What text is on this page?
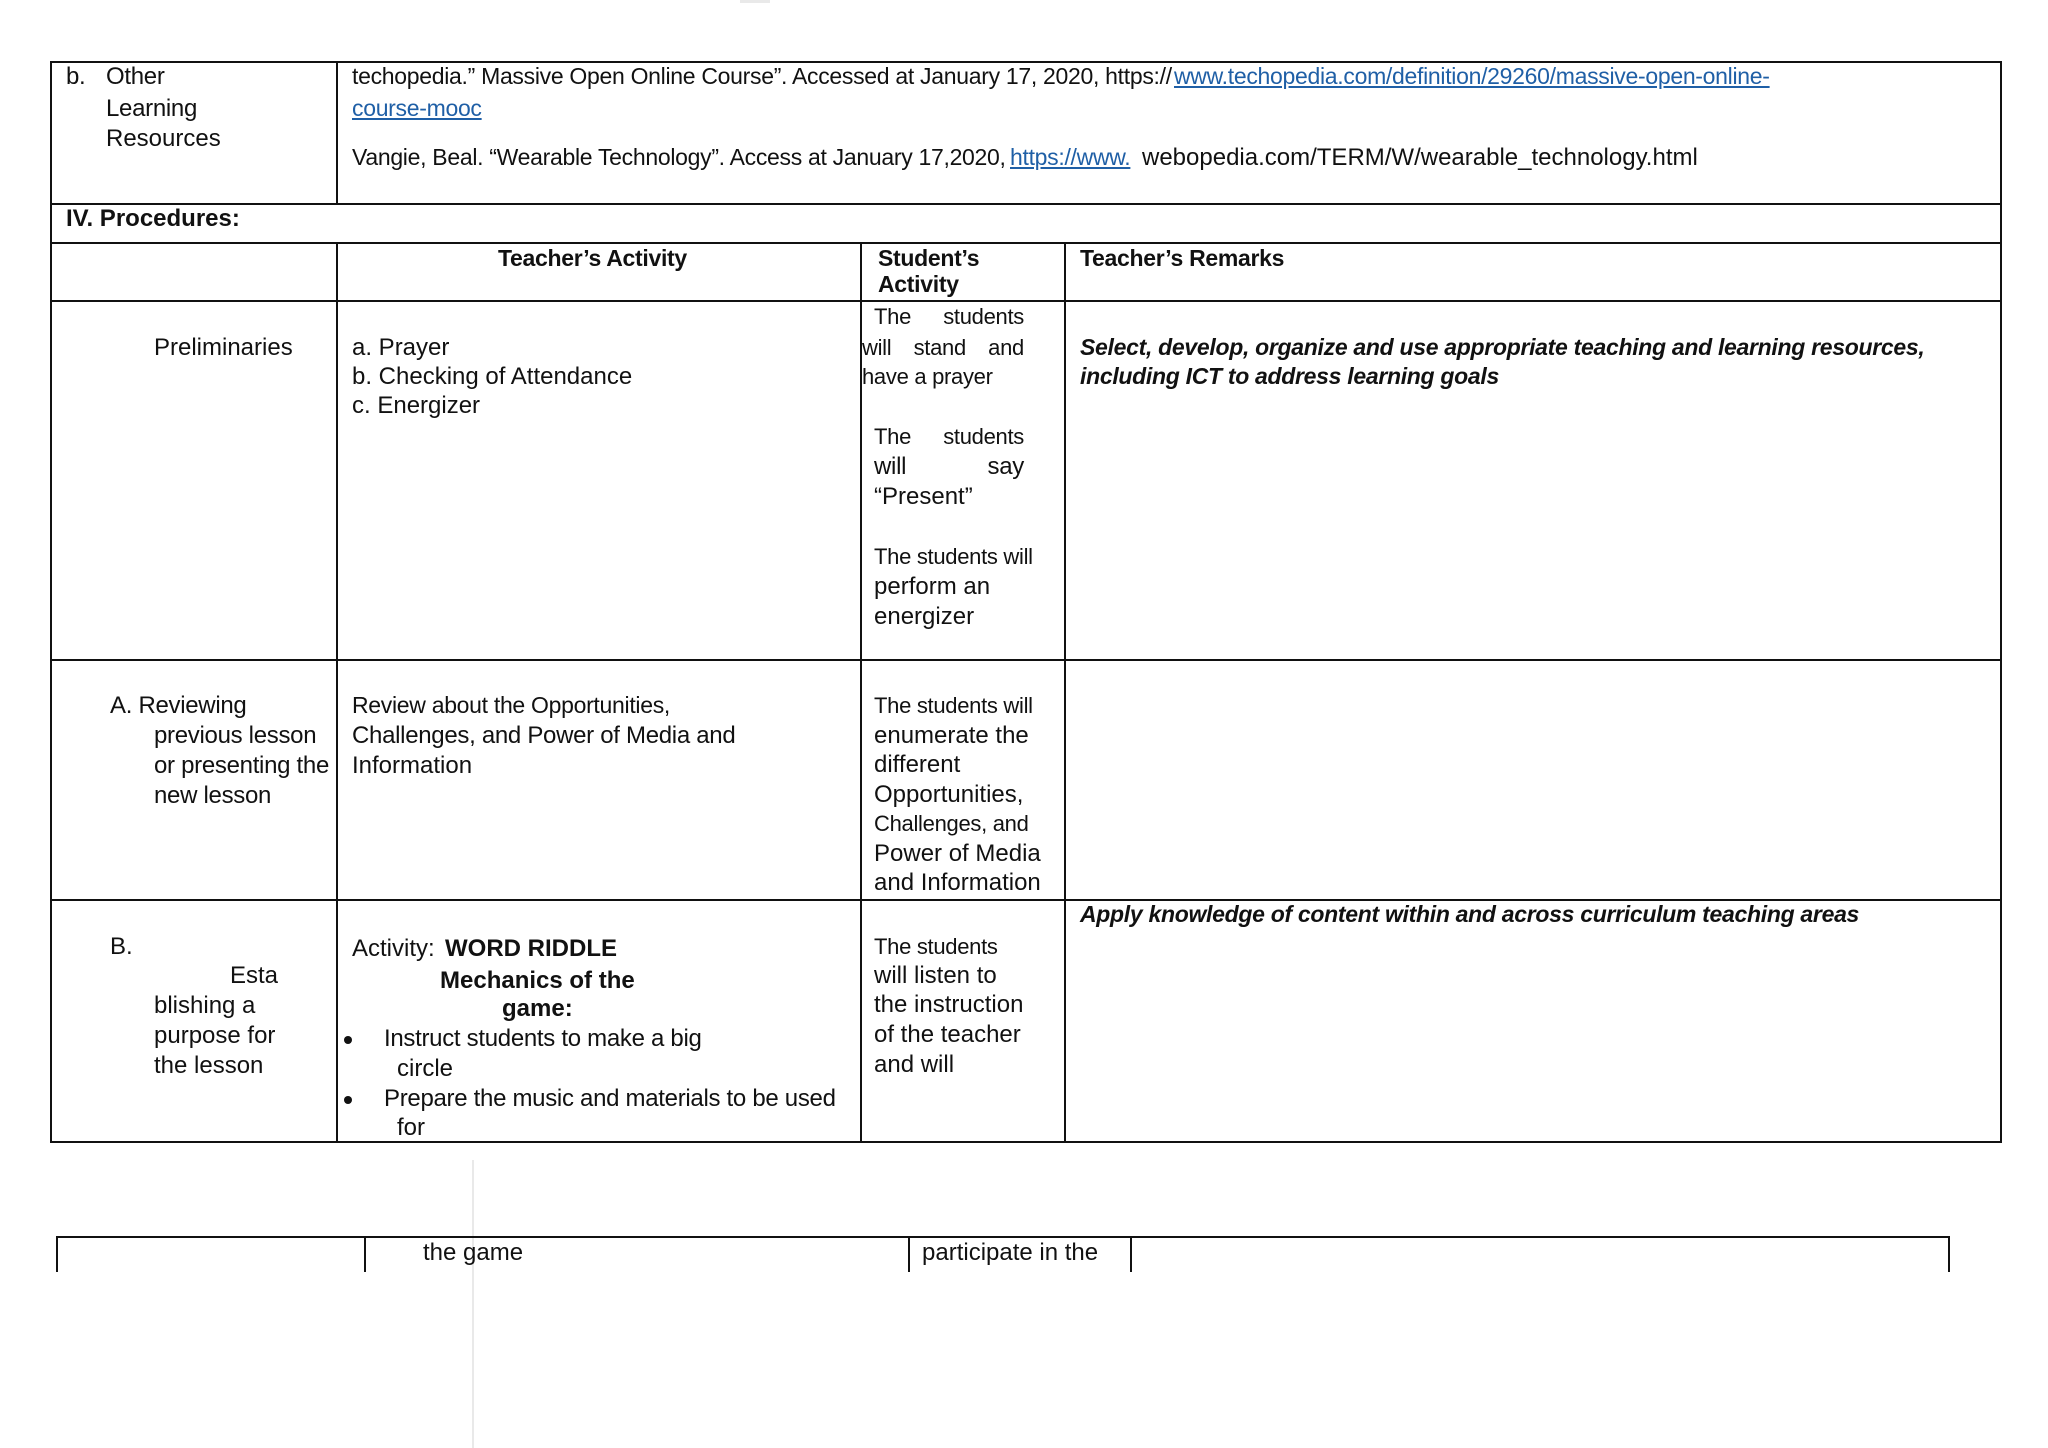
b. Other
Learning
Resources
techopedia.” Massive Open Online Course”. Accessed at January 17, 2020, https:// www.techopedia.com/definition/29260/massive-open-online-
course-mooc
Vangie, Beal. “Wearable Technology”. Access at January 17,2020, https://www. webopedia.com/TERM/W/wearable_technology.html
IV. Procedures:
Teacher’s Activity	Student’s
Activity
Teacher’s Remarks
Preliminaries a. Prayer
b. Checking of Attendance
c. Energizer
The students
will stand and
have a prayer
The students
will say
“Present”
The students will
perform an
energizer
Select, develop, organize and use appropriate teaching and learning resources,
including ICT to address learning goals
A. Reviewing
previous lesson
or presenting the
new lesson
Review about the Opportunities,
Challenges, and Power of Media and
Information
The students will
enumerate the
different
Opportunities,
Challenges, and
Power of Media
and Information
B.
Esta
blishing a
purpose for
the lesson
Activity: WORD RIDDLE
Mechanics of the
game:
Instruct students to make a big
circle
Prepare the music and materials to be used
for
The students
will listen to
the instruction
of the teacher
and will
Apply knowledge of content within and across curriculum teaching areas
the game	participate in the
